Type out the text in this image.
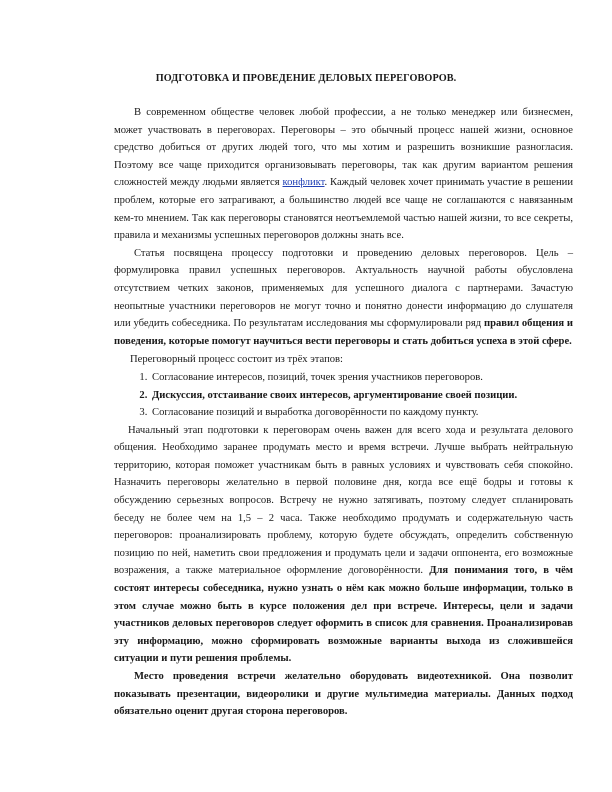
ПОДГОТОВКА И ПРОВЕДЕНИЕ ДЕЛОВЫХ ПЕРЕГОВОРОВ.

В современном обществе человек любой профессии, а не только менеджер или бизнесмен, может участвовать в переговорах. Переговоры – это обычный процесс нашей жизни, основное средство добиться от других людей того, что мы хотим и разрешить возникшие разногласия. Поэтому все чаще приходится организовывать переговоры, так как другим вариантом решения сложностей между людьми является конфликт. Каждый человек хочет принимать участие в решении проблем, которые его затрагивают, а большинство людей все чаще не соглашаются с навязанным кем-то мнением. Так как переговоры становятся неотъемлемой частью нашей жизни, то все секреты, правила и механизмы успешных переговоров должны знать все.

Статья посвящена процессу подготовки и проведению деловых переговоров. Цель – формулировка правил успешных переговоров. Актуальность научной работы обусловлена отсутствием четких законов, применяемых для успешного диалога с партнерами. Зачастую неопытные участники переговоров не могут точно и понятно донести информацию до слушателя или убедить собеседника. По результатам исследования мы сформулировали ряд правил общения и поведения, которые помогут научиться вести переговоры и стать добиться успеха в этой сфере.

Переговорный процесс состоит из трёх этапов:
1. Согласование интересов, позиций, точек зрения участников переговоров.
2. Дискуссия, отстаивание своих интересов, аргументирование своей позиции.
3. Согласование позиций и выработка договорённости по каждому пункту.

Начальный этап подготовки к переговорам очень важен для всего хода и результата делового общения. Необходимо заранее продумать место и время встречи. Лучше выбрать нейтральную территорию, которая поможет участникам быть в равных условиях и чувствовать себя спокойно. Назначить переговоры желательно в первой половине дня, когда все ещё бодры и готовы к обсуждению серьезных вопросов. Встречу не нужно затягивать, поэтому следует спланировать беседу не более чем на 1,5 – 2 часа. Также необходимо продумать и содержательную часть переговоров: проанализировать проблему, которую будете обсуждать, определить собственную позицию по ней, наметить свои предложения и продумать цели и задачи оппонента, его возможные возражения, а также материальное оформление договорённости. Для понимания того, в чём состоят интересы собеседника, нужно узнать о нём как можно больше информации, только в этом случае можно быть в курсе положения дел при встрече. Интересы, цели и задачи участников деловых переговоров следует оформить в список для сравнения. Проанализировав эту информацию, можно сформировать возможные варианты выхода из сложившейся ситуации и пути решения проблемы.

Место проведения встречи желательно оборудовать видеотехникой. Она позволит показывать презентации, видеоролики и другие мультимедиа материалы. Данных подход обязательно оценит другая сторона переговоров.
